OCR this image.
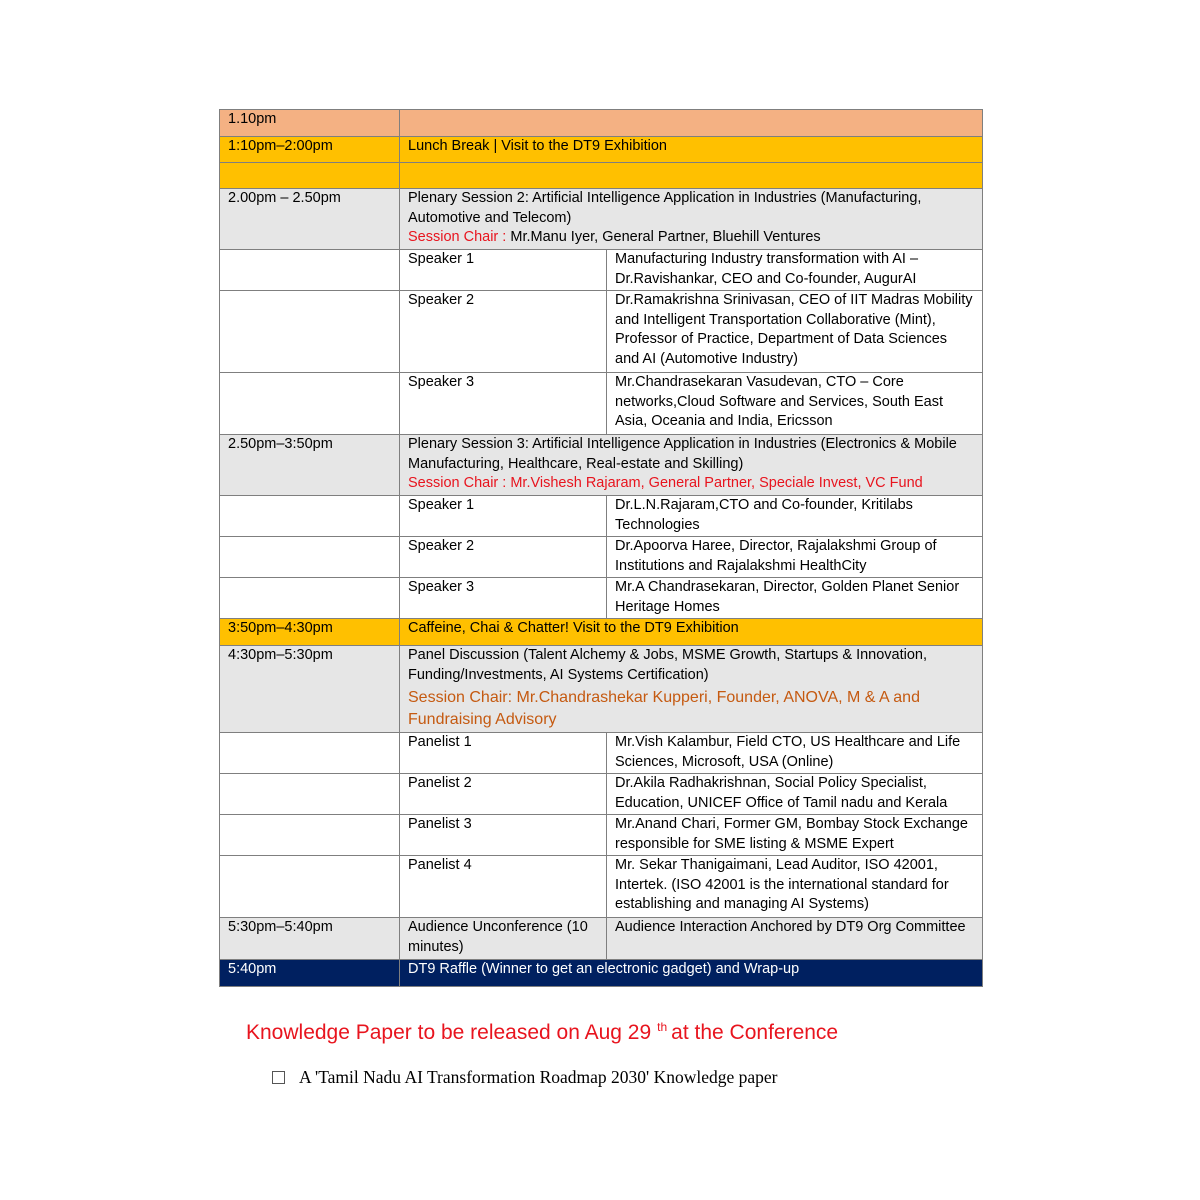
1.10pm		
1:10pm–2:00pm	Lunch Break | Visit to the DT9 Exhibition	

2.00pm – 2.50pm	Plenary Session 2: Artificial Intelligence Application in Industries (Manufacturing, Automotive and Telecom)
Session Chair : Mr.Manu Iyer, General Partner, Bluehill Ventures	
	Speaker 1	Manufacturing Industry transformation with AI – Dr.Ravishankar, CEO and Co-founder, AugurAI
	Speaker 2	Dr.Ramakrishna Srinivasan, CEO of IIT Madras Mobility and Intelligent Transportation Collaborative (Mint), Professor of Practice, Department of Data Sciences and AI (Automotive Industry)
	Speaker 3	Mr.Chandrasekaran Vasudevan, CTO – Core networks,Cloud Software and Services, South East Asia, Oceania and India, Ericsson
2.50pm–3:50pm	Plenary Session 3: Artificial Intelligence Application in Industries (Electronics & Mobile Manufacturing, Healthcare, Real-estate and Skilling)
Session Chair : Mr.Vishesh Rajaram, General Partner, Speciale Invest, VC Fund	
	Speaker 1	Dr.L.N.Rajaram,CTO and Co-founder, Kritilabs Technologies
	Speaker 2	Dr.Apoorva Haree, Director, Rajalakshmi Group of Institutions and Rajalakshmi HealthCity
	Speaker 3	Mr.A Chandrasekaran, Director, Golden Planet Senior Heritage Homes
3:50pm–4:30pm	Caffeine, Chai & Chatter! Visit to the DT9 Exhibition	
4:30pm–5:30pm	Panel Discussion (Talent Alchemy & Jobs, MSME Growth, Startups & Innovation, Funding/Investments, AI Systems Certification)
Session Chair: Mr.Chandrashekar Kupperi, Founder, ANOVA, M & A and Fundraising Advisory	

	Panelist 1	Mr.Vish Kalambur, Field CTO, US Healthcare and Life Sciences, Microsoft, USA (Online)
	Panelist 2	Dr.Akila Radhakrishnan, Social Policy Specialist, Education, UNICEF Office of Tamil nadu and Kerala
	Panelist 3	Mr.Anand Chari, Former GM, Bombay Stock Exchange responsible for SME listing & MSME Expert
	Panelist 4	Mr. Sekar Thanigaimani, Lead Auditor, ISO 42001, Intertek. (ISO 42001 is the international standard for establishing and managing AI Systems)
5:30pm–5:40pm	Audience Unconference (10 minutes)	Audience Interaction Anchored by DT9 Org Committee
5:40pm	DT9 Raffle (Winner to get an electronic gadget) and Wrap-up	
Knowledge Paper to be released on Aug 29 $^{th}$ at the Conference
A 'Tamil Nadu AI Transformation Roadmap 2030' Knowledge paper
